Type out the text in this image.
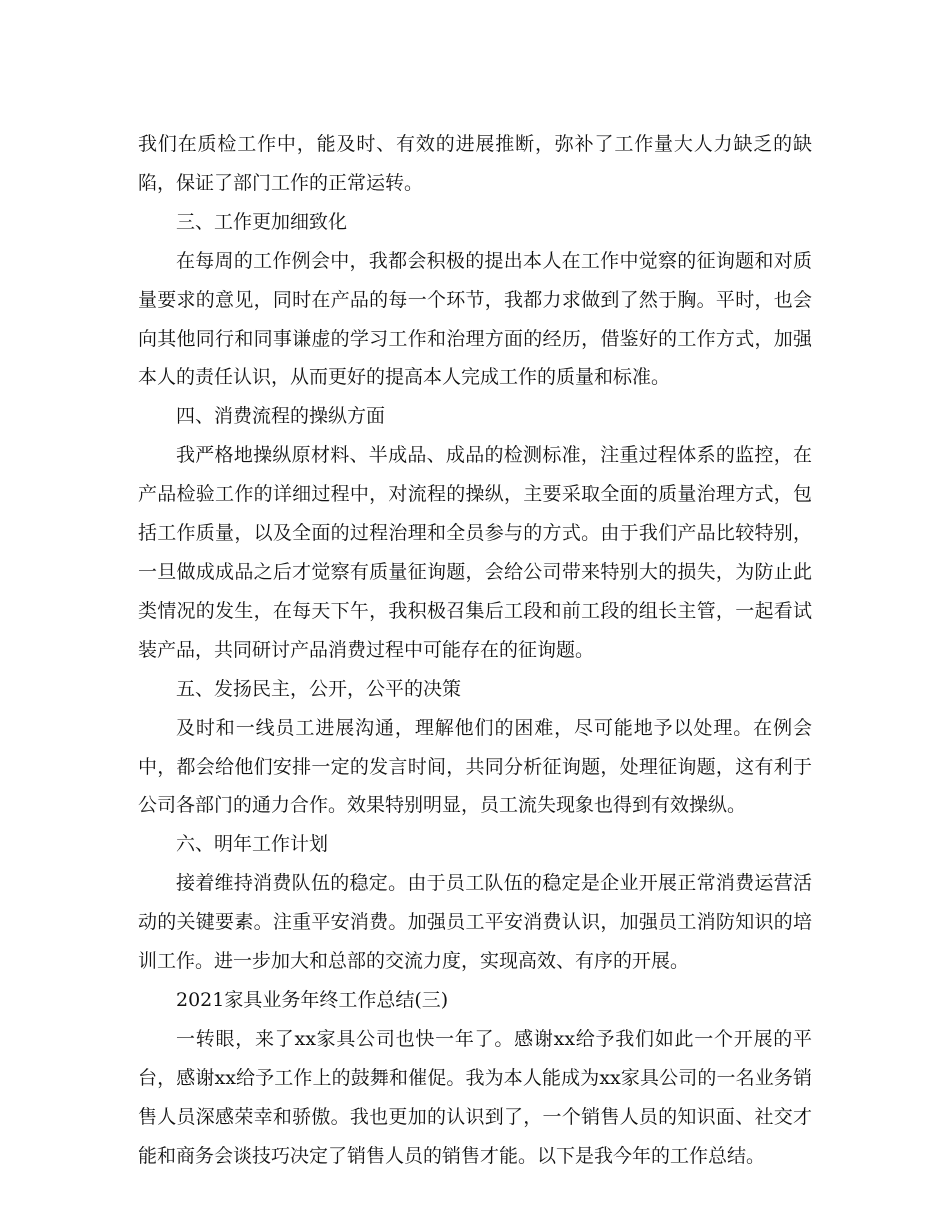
我们在质检工作中，能及时、有效的进展推断，弥补了工作量大人力缺乏的缺陷，保证了部门工作的正常运转。

三、工作更加细致化

在每周的工作例会中，我都会积极的提出本人在工作中觉察的征询题和对质量要求的意见，同时在产品的每一个环节，我都力求做到了然于胸。平时，也会向其他同行和同事谦虚的学习工作和治理方面的经历，借鉴好的工作方式，加强本人的责任认识，从而更好的提高本人完成工作的质量和标准。

四、消费流程的操纵方面

我严格地操纵原材料、半成品、成品的检测标准，注重过程体系的监控，在产品检验工作的详细过程中，对流程的操纵，主要采取全面的质量治理方式，包括工作质量，以及全面的过程治理和全员参与的方式。由于我们产品比较特别，一旦做成成品之后才觉察有质量征询题，会给公司带来特别大的损失，为防止此类情况的发生，在每天下午，我积极召集后工段和前工段的组长主管，一起看试装产品，共同研讨产品消费过程中可能存在的征询题。

五、发扬民主，公开，公平的决策

及时和一线员工进展沟通，理解他们的困难，尽可能地予以处理。在例会中，都会给他们安排一定的发言时间，共同分析征询题，处理征询题，这有利于公司各部门的通力合作。效果特别明显，员工流失现象也得到有效操纵。

六、明年工作计划

接着维持消费队伍的稳定。由于员工队伍的稳定是企业开展正常消费运营活动的关键要素。注重平安消费。加强员工平安消费认识，加强员工消防知识的培训工作。进一步加大和总部的交流力度，实现高效、有序的开展。

2021家具业务年终工作总结(三)

一转眼，来了xx家具公司也快一年了。感谢xx给予我们如此一个开展的平台，感谢xx给予工作上的鼓舞和催促。我为本人能成为xx家具公司的一名业务销售人员深感荣幸和骄傲。我也更加的认识到了，一个销售人员的知识面、社交才能和商务会谈技巧决定了销售人员的销售才能。以下是我今年的工作总结。
